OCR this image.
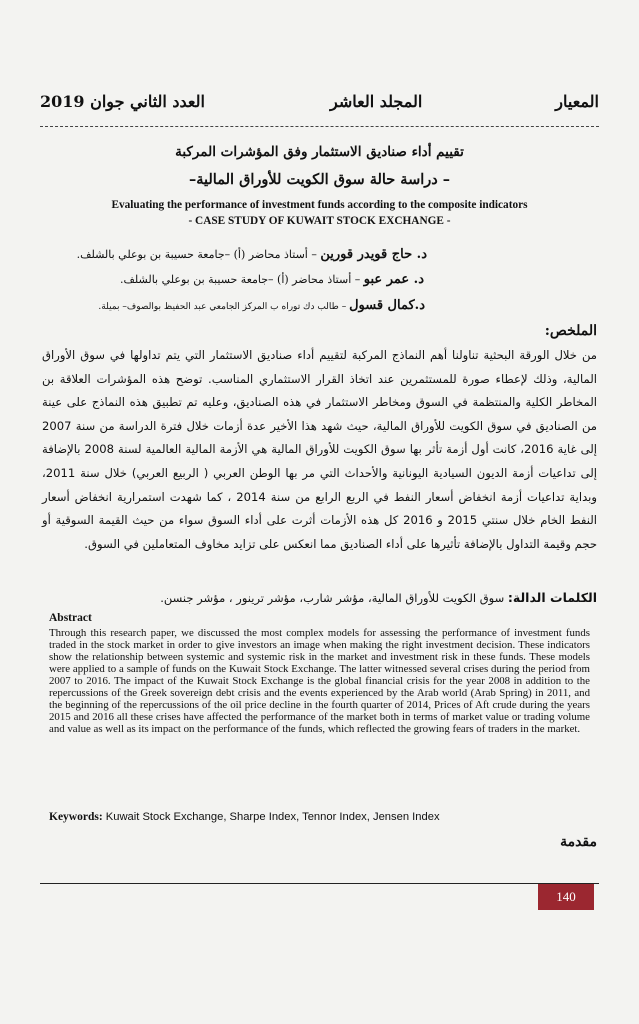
المعيار
المجلد العاشر
العدد الثاني جوان 2019
تقييم أداء صناديق الاستثمار وفق المؤشرات المركبة
– دراسة حالة سوق الكويت للأوراق المالية–
Evaluating the performance of investment funds according to the composite indicators
- CASE STUDY OF KUWAIT STOCK EXCHANGE -
د. حاج قويدر قورين – أستاذ محاضر (أ) –جامعة حسيبة بن بوعلي بالشلف.
د. عمر عبو – أستاذ محاضر (أ) –جامعة حسيبة بن بوعلي بالشلف.
د.كمال قسول – طالب دك توراه ب المركز الجامعي عبد الحفيظ بوالصوف– بميلة.
الملخص:
من خلال الورقة البحثية تناولنا أهم النماذج المركبة لتقييم أداء صناديق الاستثمار التي يتم تداولها في سوق الأوراق المالية، وذلك لإعطاء صورة للمستثمرين عند اتخاذ القرار الاستثماري المناسب. توضح هذه المؤشرات العلاقة بن المخاطر الكلية والمنتظمة في السوق ومخاطر الاستثمار في هذه الصناديق، وعليه تم تطبيق هذه النماذج على عينة من الصناديق في سوق الكويت للأوراق المالية، حيث شهد هذا الأخير عدة أزمات خلال فترة الدراسة من سنة 2007 إلى غاية 2016، كانت أول أزمة تأثر بها سوق الكويت للأوراق المالية هي الأزمة المالية العالمية لسنة 2008 بالإضافة إلى تداعيات أزمة الديون السيادية اليونانية والأحداث التي مر بها الوطن العربي ( الربيع العربي) خلال سنة 2011، وبداية تداعيات أزمة انخفاض أسعار النفط في الربع الرابع من سنة 2014 ، كما شهدت استمرارية انخفاض أسعار النفط الخام خلال سنتي 2015 و 2016 كل هذه الأزمات أثرت على أداء السوق سواء من حيث القيمة السوقية أو حجم وقيمة التداول بالإضافة تأثيرها على أداء الصناديق مما انعكس على تزايد مخاوف المتعاملين في السوق.
الكلمات الدالة: سوق الكويت للأوراق المالية، مؤشر شارب، مؤشر ترينور ، مؤشر جنسن.
Abstract
Through this research paper, we discussed the most complex models for assessing the performance of investment funds traded in the stock market in order to give investors an image when making the right investment decision. These indicators show the relationship between systemic and systemic risk in the market and investment risk in these funds. These models were applied to a sample of funds on the Kuwait Stock Exchange. The latter witnessed several crises during the period from 2007 to 2016. The impact of the Kuwait Stock Exchange is the global financial crisis for the year 2008 in addition to the repercussions of the Greek sovereign debt crisis and the events experienced by the Arab world (Arab Spring) in 2011, and the beginning of the repercussions of the oil price decline in the fourth quarter of 2014, Prices of Aft crude during the years 2015 and 2016 all these crises have affected the performance of the market both in terms of market value or trading volume and value as well as its impact on the performance of the funds, which reflected the growing fears of traders in the market.
Keywords: Kuwait Stock Exchange, Sharpe Index, Tennor Index, Jensen Index
مقدمة
140
